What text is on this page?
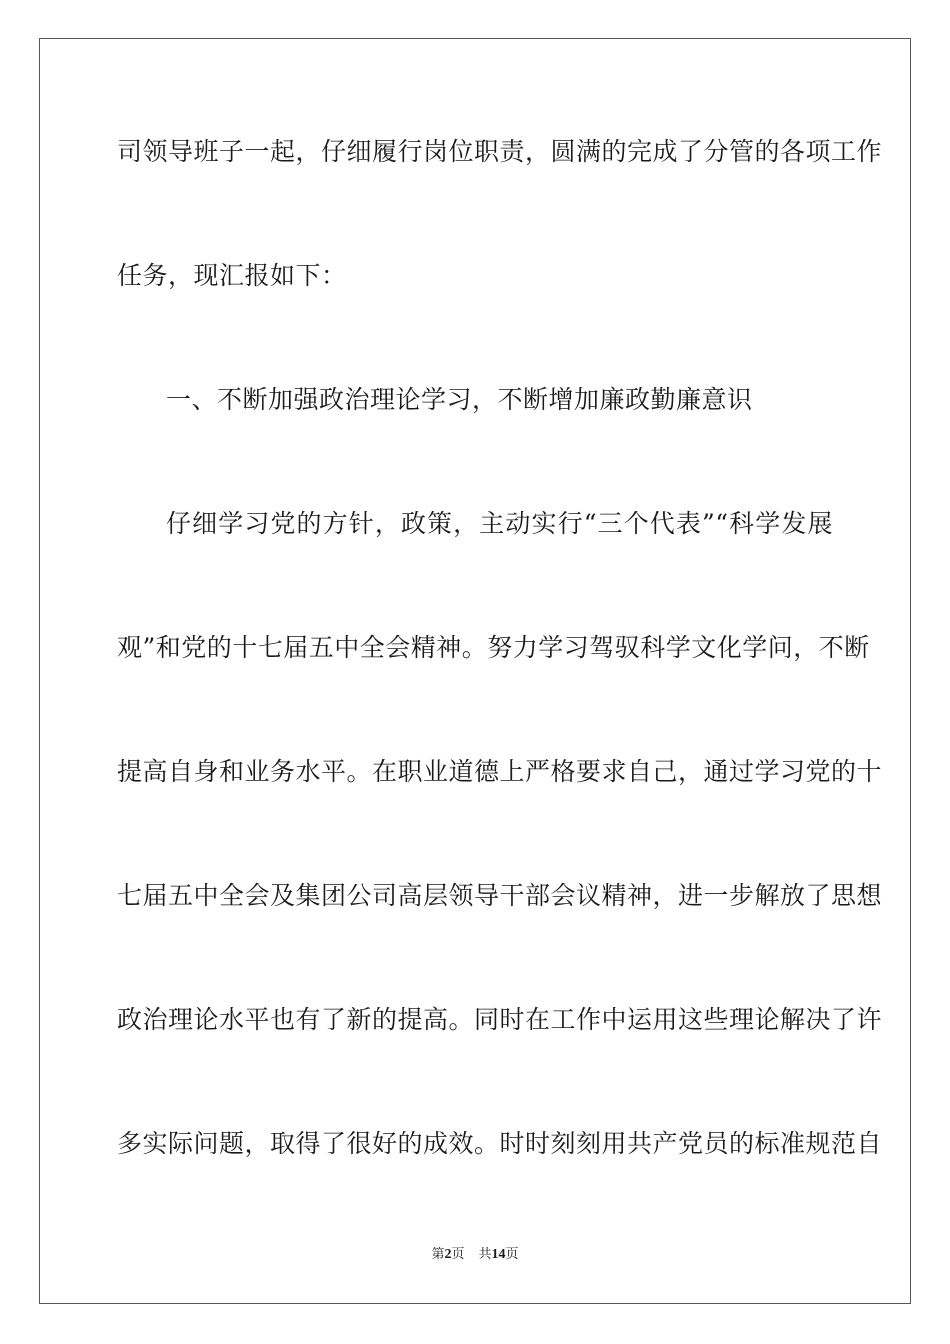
司领导班子一起，仔细履行岗位职责，圆满的完成了分管的各项工作
任务，现汇报如下：
一、不断加强政治理论学习，不断增加廉政勤廉意识
仔细学习党的方针，政策，主动实行“三个代表”“科学发展
观”和党的十七届五中全会精神。努力学习驾驭科学文化学问，不断
提高自身和业务水平。在职业道德上严格要求自己，通过学习党的十
七届五中全会及集团公司高层领导干部会议精神，进一步解放了思想
政治理论水平也有了新的提高。同时在工作中运用这些理论解决了许
多实际问题，取得了很好的成效。时时刻刻用共产党员的标准规范自
第2页 共14页
